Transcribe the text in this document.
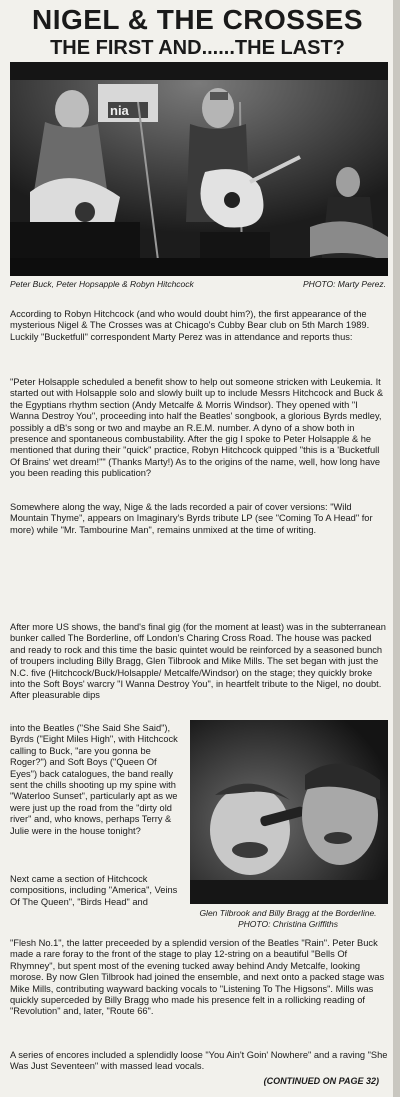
NIGEL & THE CROSSES
THE FIRST AND......THE LAST?
nia
Peter Buck, Peter Hopsapple & Robyn Hitchcock	PHOTO: Marty Perez.

According to Robyn Hitchcock (and who would doubt him?), the first appearance of the mysterious Nigel & The Crosses was at Chicago's Cubby Bear club on 5th March 1989. Luckily "Bucketfull" correspondent Marty Perez was in attendance and reports thus:

"Peter Holsapple scheduled a benefit show to help out someone stricken with Leukemia. It started out with Holsapple solo and slowly built up to include Messrs Hitchcock and Buck & the Egyptians rhythm section (Andy Metcalfe & Morris Windsor). They opened with "I Wanna Destroy You", proceeding into half the Beatles' songbook, a glorious Byrds medley, possibly a dB's song or two and maybe an R.E.M. number. A dyno of a show both in presence and spontaneous combustability. After the gig I spoke to Peter Holsapple & he mentioned that during their "quick" practice, Robyn Hitchcock quipped "this is a 'Bucketfull Of Brains' wet dream!"" (Thanks Marty!) As to the origins of the name, well, how long have you been reading this publication?

Somewhere along the way, Nige & the lads recorded a pair of cover versions: "Wild Mountain Thyme", appears on Imaginary's Byrds tribute LP (see "Coming To A Head" for more) while "Mr. Tambourine Man", remains unmixed at the time of writing.

After more US shows, the band's final gig (for the moment at least) was in the subterranean bunker called The Borderline, off London's Charing Cross Road. The house was packed and ready to rock and this time the basic quintet would be reinforced by a seasoned bunch of troupers including Billy Bragg, Glen Tilbrook and Mike Mills. The set began with just the N.C. five (Hitchcock/Buck/Holsapple/ Metcalfe/Windsor) on the stage; they quickly broke into the Soft Boys' warcry "I Wanna Destroy You", in heartfelt tribute to the Nigel, no doubt. After pleasurable dips

into the Beatles ("She Said She Said"), Byrds ("Eight Miles High", with Hitchcock calling to Buck, "are you gonna be Roger?") and Soft Boys ("Queen Of Eyes") back catalogues, the band really sent the chills shooting up my spine with "Waterloo Sunset", particularly apt as we were just up the road from the "dirty old river" and, who knows, perhaps Terry & Julie were in the house tonight?

Glen Tilbrook and Billy Bragg at the Borderline. PHOTO: Christina Griffiths

Next came a section of Hitchcock compositions, including "America", Veins Of The Queen", "Birds Head" and

"Flesh No.1", the latter preceeded by a splendid version of the Beatles "Rain". Peter Buck made a rare foray to the front of the stage to play 12-string on a beautiful "Bells Of Rhymney", but spent most of the evening tucked away behind Andy Metcalfe, looking morose. By now Glen Tilbrook had joined the ensemble, and next onto a packed stage was Mike Mills, contributing wayward backing vocals to "Listening To The Higsons". Mills was quickly superceded by Billy Bragg who made his presence felt in a rollicking reading of "Revolution" and, later, "Route 66".

A series of encores included a splendidly loose "You Ain't Goin' Nowhere" and a raving "She Was Just Seventeen" with massed lead vocals.

(CONTINUED ON PAGE 32)
